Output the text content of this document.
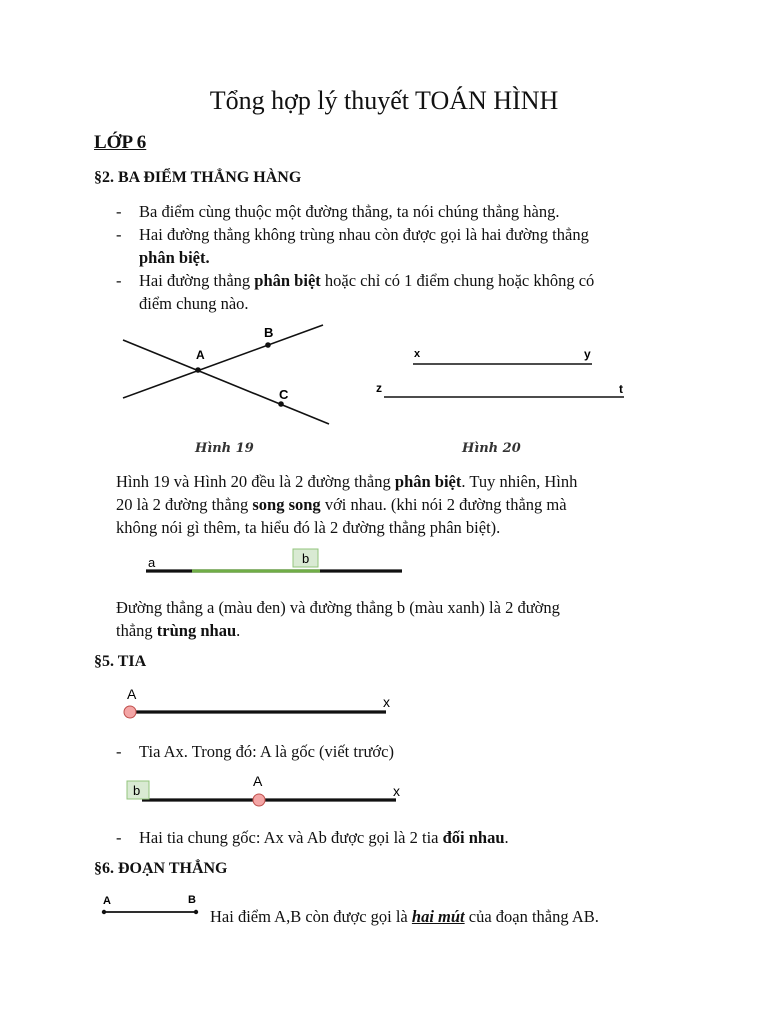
Tổng hợp lý thuyết TOÁN HÌNH
LỚP 6
§2. BA ĐIỂM THẲNG HÀNG
- Ba điểm cùng thuộc một đường thẳng, ta nói chúng thẳng hàng.
- Hai đường thẳng không trùng nhau còn được gọi là hai đường thẳng
phân biệt.
- Hai đường thẳng phân biệt hoặc chỉ có 1 điểm chung hoặc không có
điểm chung nào.
A
B
C
Hình 19
x	y
z	t
Hình 20
Hình 19 và Hình 20 đều là 2 đường thẳng phân biệt. Tuy nhiên, Hình
20 là 2 đường thẳng song song với nhau. (khi nói 2 đường thẳng mà
không nói gì thêm, ta hiểu đó là 2 đường thẳng phân biệt).
b
a
Đường thẳng a (màu đen) và đường thẳng b (màu xanh) là 2 đường
thẳng trùng nhau.
§5. TIA
A	x
- Tia Ax. Trong đó: A là gốc (viết trước)
b
A
x
- Hai tia chung gốc: Ax và Ab được gọi là 2 tia đối nhau.
§6. ĐOẠN THẲNG
A	B
Hai điểm A,B còn được gọi là hai mút của đoạn thẳng AB.
